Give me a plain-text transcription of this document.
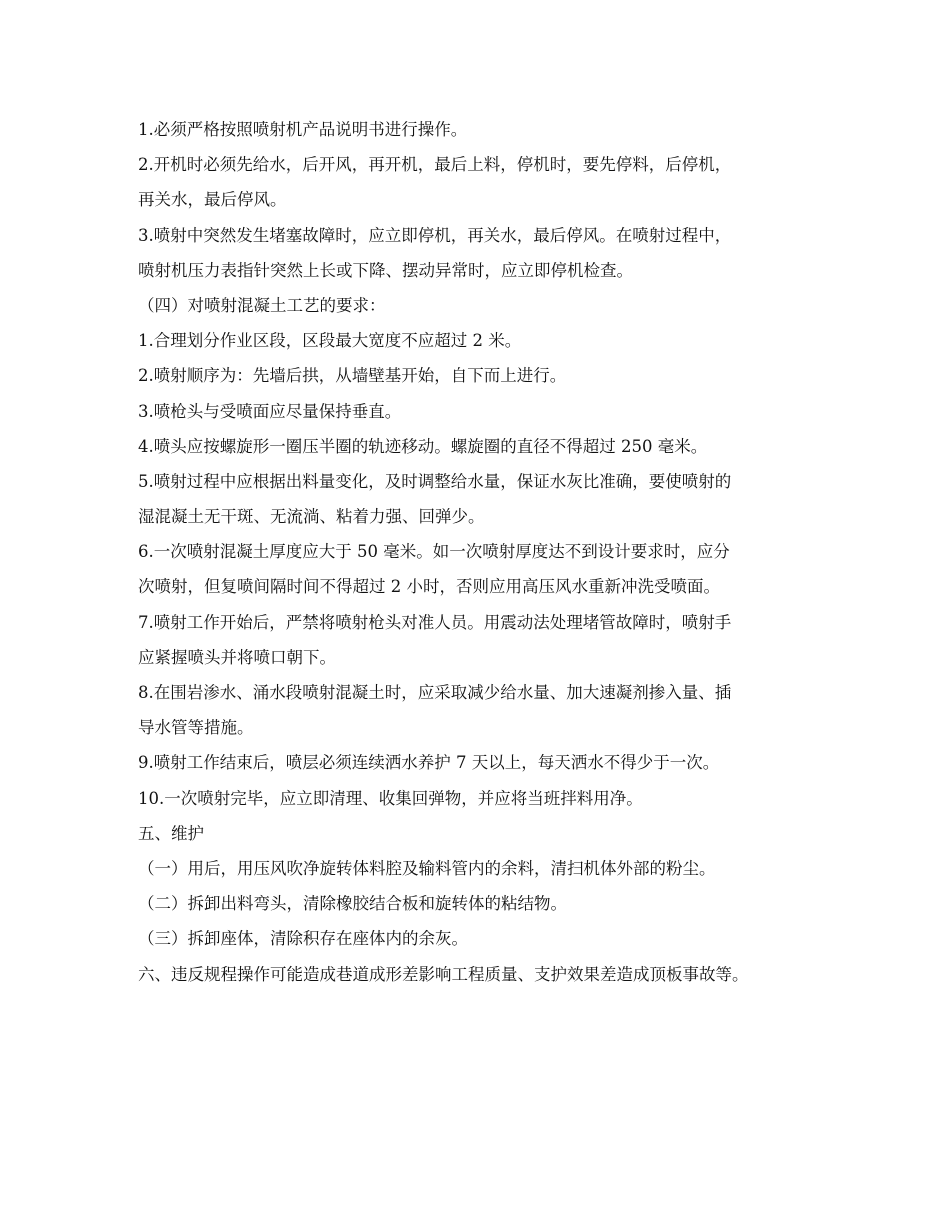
1.必须严格按照喷射机产品说明书进行操作。
2.开机时必须先给水，后开风，再开机，最后上料，停机时，要先停料，后停机，
再关水，最后停风。
3.喷射中突然发生堵塞故障时，应立即停机，再关水，最后停风。在喷射过程中，
喷射机压力表指针突然上长或下降、摆动异常时，应立即停机检查。
（四）对喷射混凝土工艺的要求：
1.合理划分作业区段，区段最大宽度不应超过 2 米。
2.喷射顺序为：先墙后拱，从墙壁基开始，自下而上进行。
3.喷枪头与受喷面应尽量保持垂直。
4.喷头应按螺旋形一圈压半圈的轨迹移动。螺旋圈的直径不得超过 250 毫米。
5.喷射过程中应根据出料量变化，及时调整给水量，保证水灰比准确，要使喷射的
湿混凝土无干斑、无流淌、粘着力强、回弹少。
6.一次喷射混凝土厚度应大于 50 毫米。如一次喷射厚度达不到设计要求时，应分
次喷射，但复喷间隔时间不得超过 2 小时，否则应用高压风水重新冲洗受喷面。
7.喷射工作开始后，严禁将喷射枪头对准人员。用震动法处理堵管故障时，喷射手
应紧握喷头并将喷口朝下。
8.在围岩渗水、涌水段喷射混凝土时，应采取减少给水量、加大速凝剂掺入量、插
导水管等措施。
9.喷射工作结束后，喷层必须连续洒水养护 7 天以上，每天洒水不得少于一次。
10.一次喷射完毕，应立即清理、收集回弹物，并应将当班拌料用净。
五、维护
（一）用后，用压风吹净旋转体料腔及输料管内的余料，清扫机体外部的粉尘。
（二）拆卸出料弯头，清除橡胶结合板和旋转体的粘结物。
（三）拆卸座体，清除积存在座体内的余灰。
六、违反规程操作可能造成巷道成形差影响工程质量、支护效果差造成顶板事故等。
